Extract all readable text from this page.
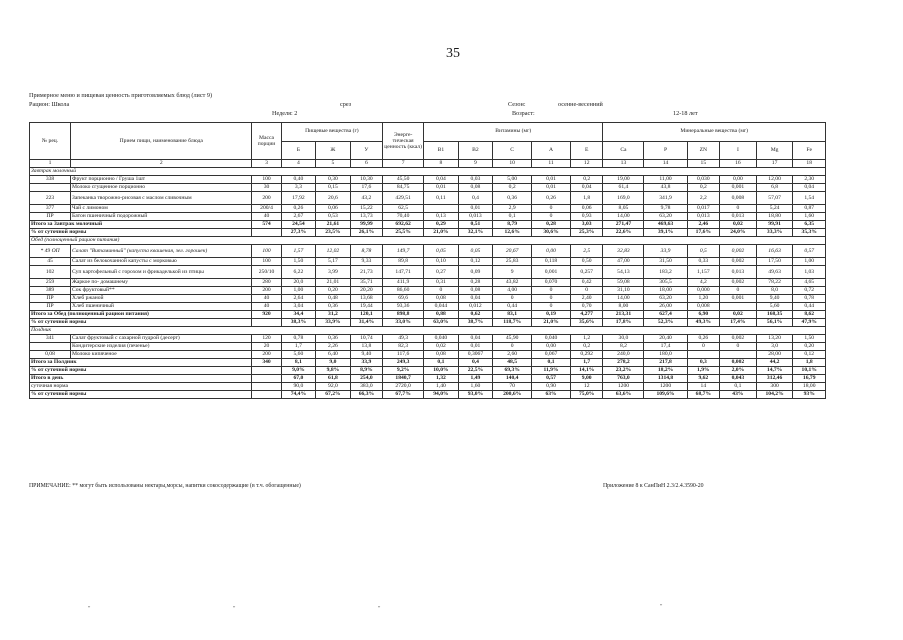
35
Примерное меню и пищевая ценность приготовляемых блюд (лист 9)
Рацион: Школа	срез	Сезон:	осенне-весенний
Неделя: 2	Возраст:	12-18 лет
№ рец.	Прием пищи, наименование блюда	Масса порции	Пищевые вещества (г)			Энерге-тическая ценность (ккал)	Витамины (мг)					Минеральные вещества (мг)					
			Б	Ж	У		B1	B2	C	A	E	Ca	P	ZN	I	Mg	Fe
1	2	3	4	5	6	7	8	9	10	11	12	13	14	15	16	17	18
Завтрак молочный																	
338	Фрукт порционно / Груша 1шт	100	0,40	0,30	10,30	45,50	0,04	0,03	5,00	0,01	0,2	19,00	11,00	0,030	0,00	12,00	2,30
	Молоко сгущенное порционно	30	3,3	0,15	17,6	84,75	0,01	0,08	0,2	0,01	0,04	61,4	43,8	0,2	0,001	6,8	0,04
223	Запеканка творожно-рисовая с маслом сливочным	200	17,92	20,6	43,2	429,51	0,11	0,4	0,36	0,26	1,8	169,0	341,9	2,2	0,008	57,07	1,54
377	Чай с лимоном	200/4	0,26	0,06	15,22	62,5		0,01	2,9	0	0,06	8,05	9,78	0,017	0	5,24	0,87
ПР	Батон пшеничный подорожный	40	2,67	0,53	13,73	70,40	0,13	0,013	0,1	0	0,93	14,00	63,20	0,013	0,013	18,80	1,60
Итого за Завтрак молочный		574	24,54	21,61	99,99	692,62	0,29	0,51	8,79	0,28	3,03	271,47	469,63	2,46	0,02	99,91	6,35
% от суточной нормы			27,3%	23,5%	26,1%	25,5%	21,0%	32,1%	12,6%	30,6%	25,3%	22,6%	39,1%	17,6%	24,0%	33,3%	35,3%
Обед (полноценный рацион питания)																	
* 49 ОП	Салат "Витаминный" (капуста квашеная, зел. горошек)	100	1,57	12,02	8,78	149,7	0,05	0,05	20,67	0,00	2,5	32,83	33,9	0,5	0,002	16,63	0,57
45	Салат из белокочанной капусты с морковью	100	1,50	5,17	9,33	89,8	0,10	0,12	25,83	0,118	0,50	47,00	31,50	0,33	0,002	17,50	1,00
102	Суп картофельный с горохом и фрикаделькой из птицы	250/10	6,22	3,99	21,73	147,71	0,27	0,09	9	0,001	0,257	54,13	183,2	1,157	0,013	49,63	1,03
259	Жаркое по- домашнему	280	20,0	21,01	35,71	411,9	0,31	0,28	43,82	0,070	0,42	59,08	305,5	4,2	0,002	78,22	4,65
389	Сок фруктовый**	200	1,00	0,20	20,20	86,60	0	0,08	4,00	0	0	31,10	18,00	0,000	0	8,0	0,72
ПР	Хлеб ржаной	40	2,64	0,48	13,68	69,6	0,08	0,04	0	0	2,40	14,00	63,20	1,20	0,001	9,40	0,78
ПР	Хлеб пшеничный	40	3,04	0,36	19,44	93,36	0,044	0,012	0,44	0	0,70	8,00	26,00	0,008		5,60	0,44
Итого за Обед (полноценный рацион питания)		920	34,4	31,2	120,1	898,8	0,88	0,62	83,1	0,19	4,277	213,31	627,4	6,90	0,02	168,35	8,62
% от суточной нормы			38,3%	33,9%	31,4%	33,0%	63,0%	38,7%	118,7%	21,0%	35,6%	17,8%	52,3%	49,3%	17,4%	56,1%	47,9%
Полдник																	
341	Салат фруктовый с сахарной пудрой (десерт)	120	0,78	0,36	10,74	49,3	0,040	0,04	45,90	0,040	1,2	30,0	20,40	0,26	0,002	13,20	1,50
	Кондитерские изделия (печенье)	20	1,7	2,26	13,8	82,3	0,02	0,01	0	0,00	0,2	8,2	17,4	0	0	3,0	0,20
0,08	Молоко кипяченое	200	5,60	6,40	9,40	117,6	0,08	0,3067	2,60	0,067	0,292	240,0	180,0			28,00	0,12
Итого за Полдник		340	8,1	9,0	33,9	249,3	0,1	0,4	48,5	0,1	1,7	278,2	217,8	0,3	0,002	44,2	1,8
% от суточной нормы			9,0%	9,8%	8,9%	9,2%	10,0%	22,5%	69,3%	11,9%	14,1%	23,2%	18,2%	1,9%	2,0%	14,7%	10,1%
Итого в день			67,0	61,8	254,0	1840,7	1,32	1,49	140,4	0,57	9,00	763,0	1314,8	9,62	0,043	312,46	16,79
суточная норма			90,0	92,0	383,0	2720,0	1,40	1,60	70	0,90	12	1200	1200	14	0,1	300	18,00
% от суточной нормы			74,4%	67,2%	66,3%	67,7%	94,0%	93,0%	200,6%	63%	75,0%	63,6%	109,6%	68,7%	43%	104,2%	93%
ПРИМЕЧАНИЕ: ** могут быть использованы нектары,морсы, напитки сокосодержащие (в т.ч. обогащенные)	Приложение 8 к СанПиН 2.3/2.4.3590-20
"	"	"	"
